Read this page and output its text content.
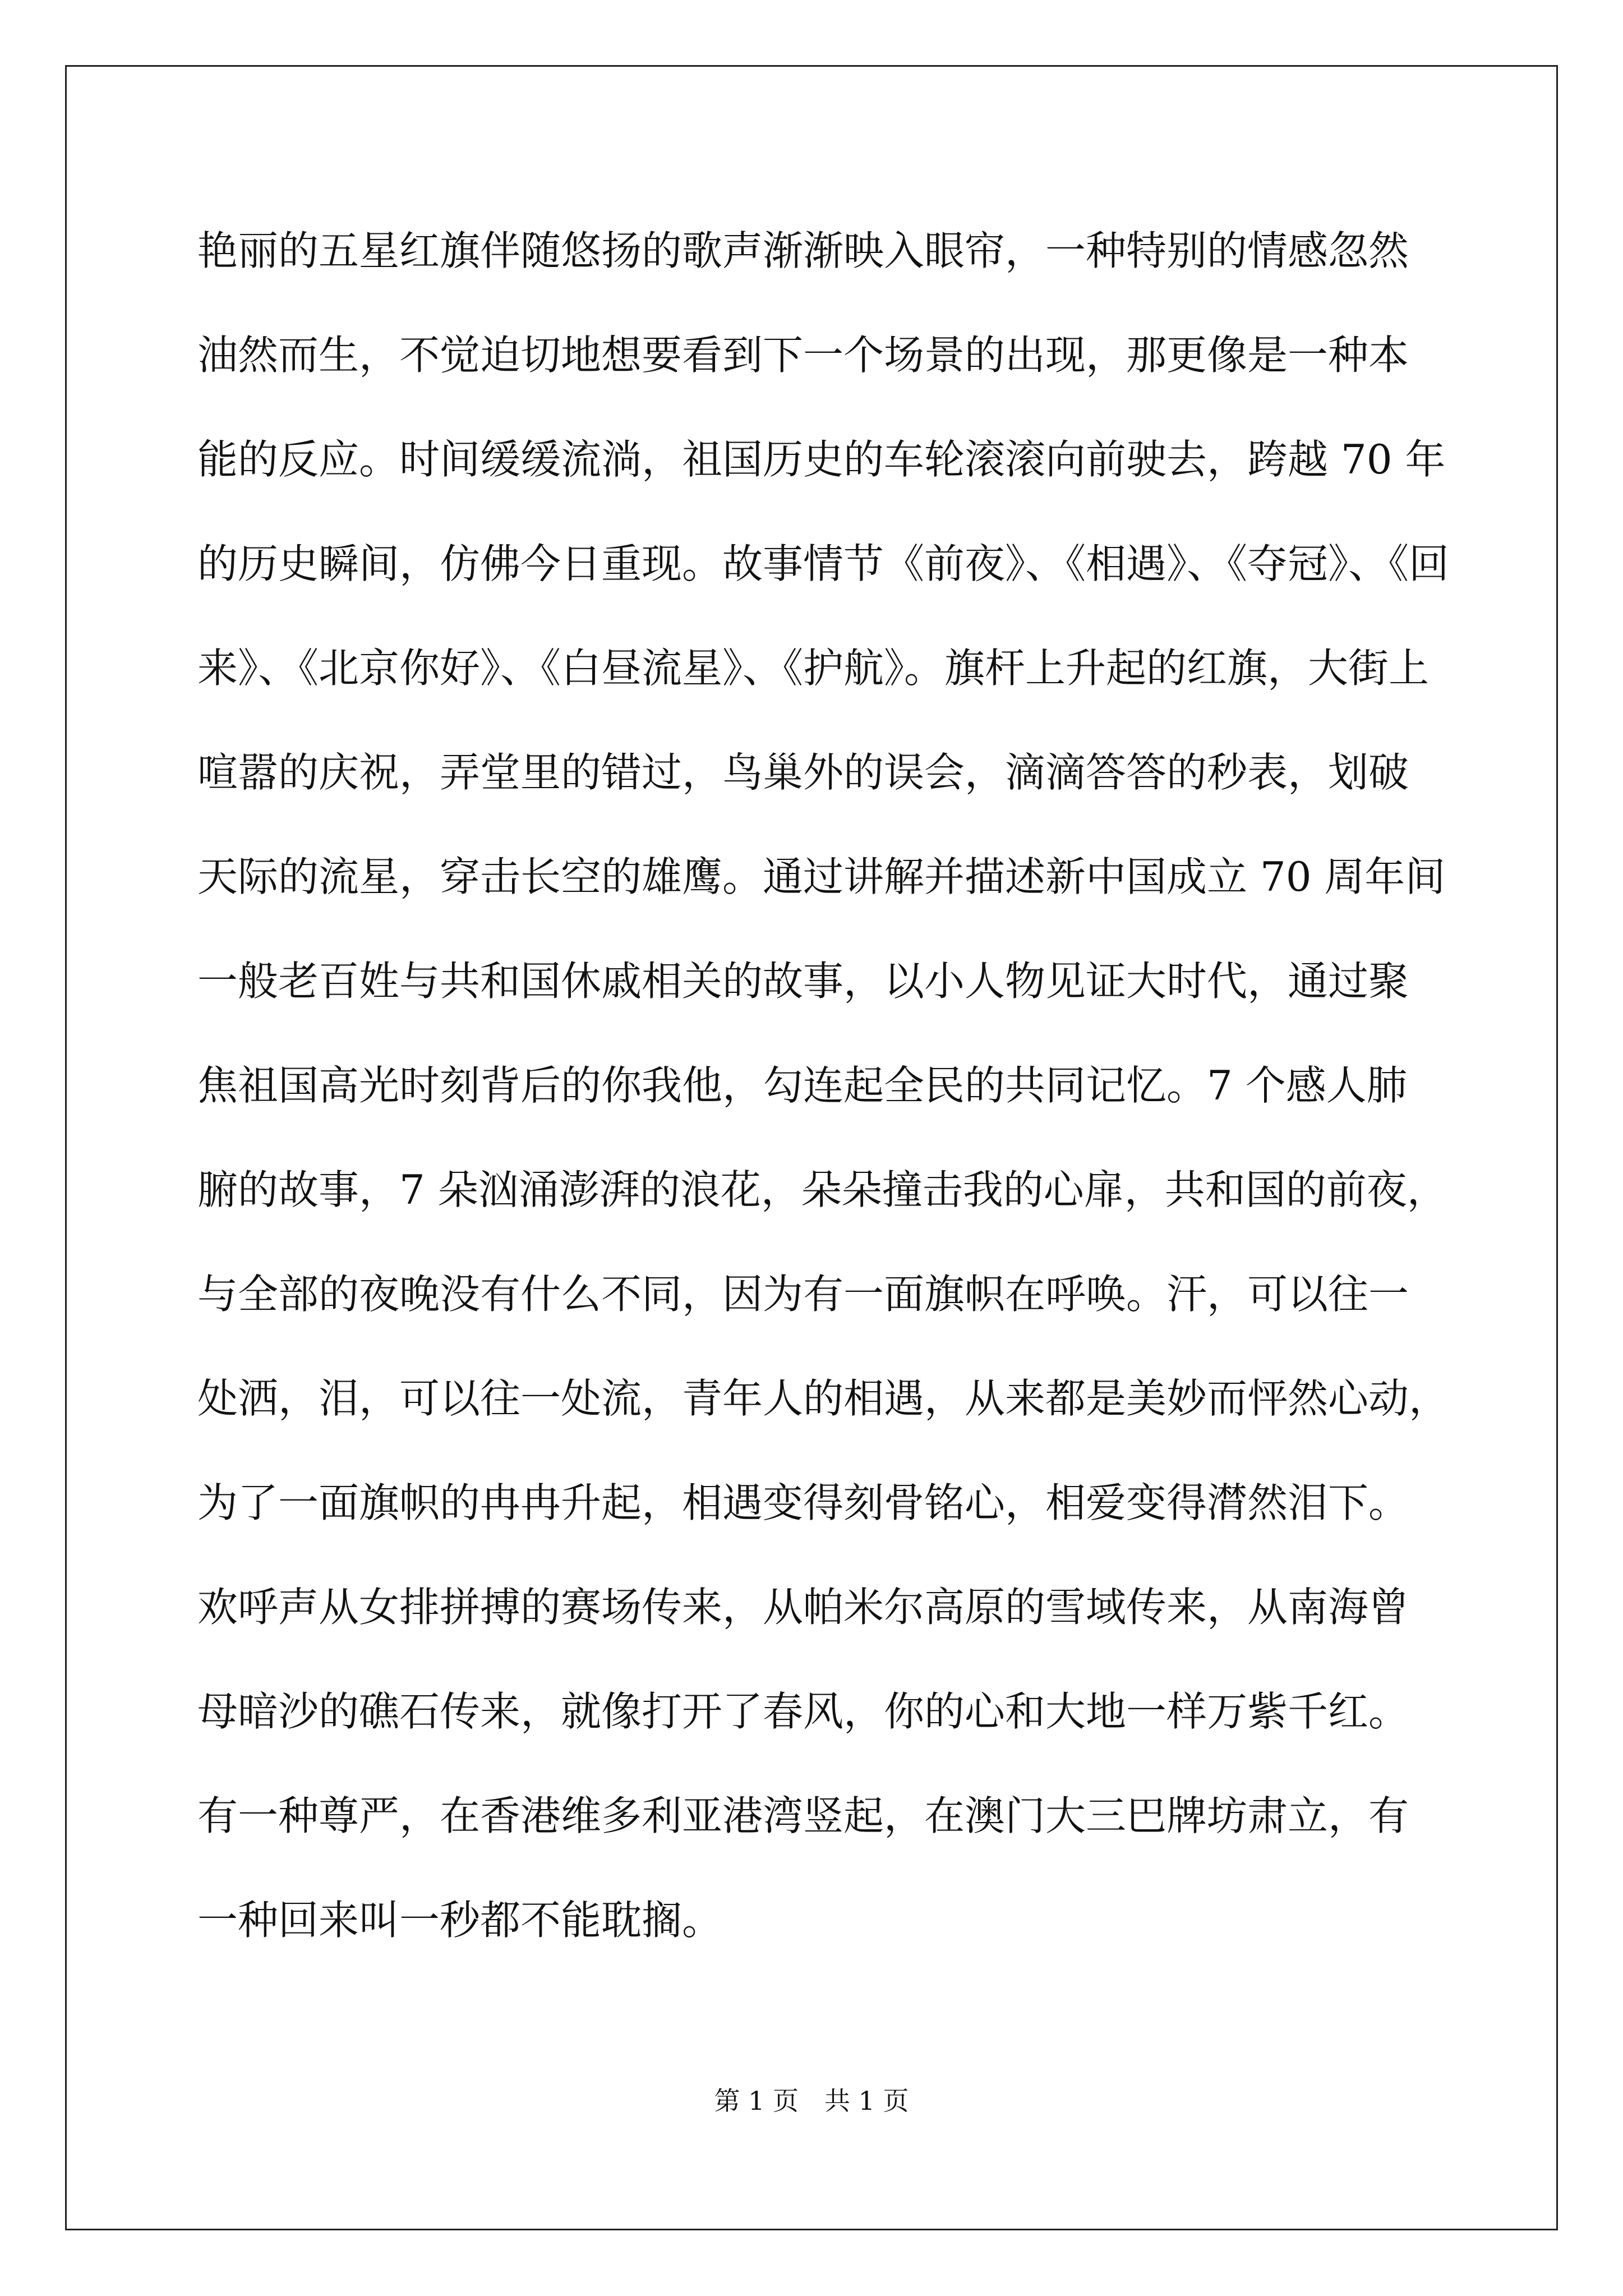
艳丽的五星红旗伴随悠扬的歌声渐渐映入眼帘，一种特别的情感忽然
油然而生，不觉迫切地想要看到下一个场景的出现，那更像是一种本
能的反应。时间缓缓流淌，祖国历史的车轮滚滚向前驶去，跨越 70 年
的历史瞬间，仿佛今日重现。故事情节《前夜》、《相遇》、《夺冠》、《回
来》、《北京你好》、《白昼流星》、《护航》。旗杆上升起的红旗，大街上
喧嚣的庆祝，弄堂里的错过，鸟巢外的误会，滴滴答答的秒表，划破
天际的流星，穿击长空的雄鹰。通过讲解并描述新中国成立 70 周年间
一般老百姓与共和国休戚相关的故事，以小人物见证大时代，通过聚
焦祖国高光时刻背后的你我他，勾连起全民的共同记忆。7 个感人肺
腑的故事，7 朵汹涌澎湃的浪花，朵朵撞击我的心扉，共和国的前夜，
与全部的夜晚没有什么不同，因为有一面旗帜在呼唤。汗，可以往一
处洒，泪，可以往一处流，青年人的相遇，从来都是美妙而怦然心动，
为了一面旗帜的冉冉升起，相遇变得刻骨铭心，相爱变得潸然泪下。
欢呼声从女排拼搏的赛场传来，从帕米尔高原的雪域传来，从南海曾
母暗沙的礁石传来，就像打开了春风，你的心和大地一样万紫千红。
有一种尊严，在香港维多利亚港湾竖起，在澳门大三巴牌坊肃立，有
一种回来叫一秒都不能耽搁。
第 1 页　共 1 页
